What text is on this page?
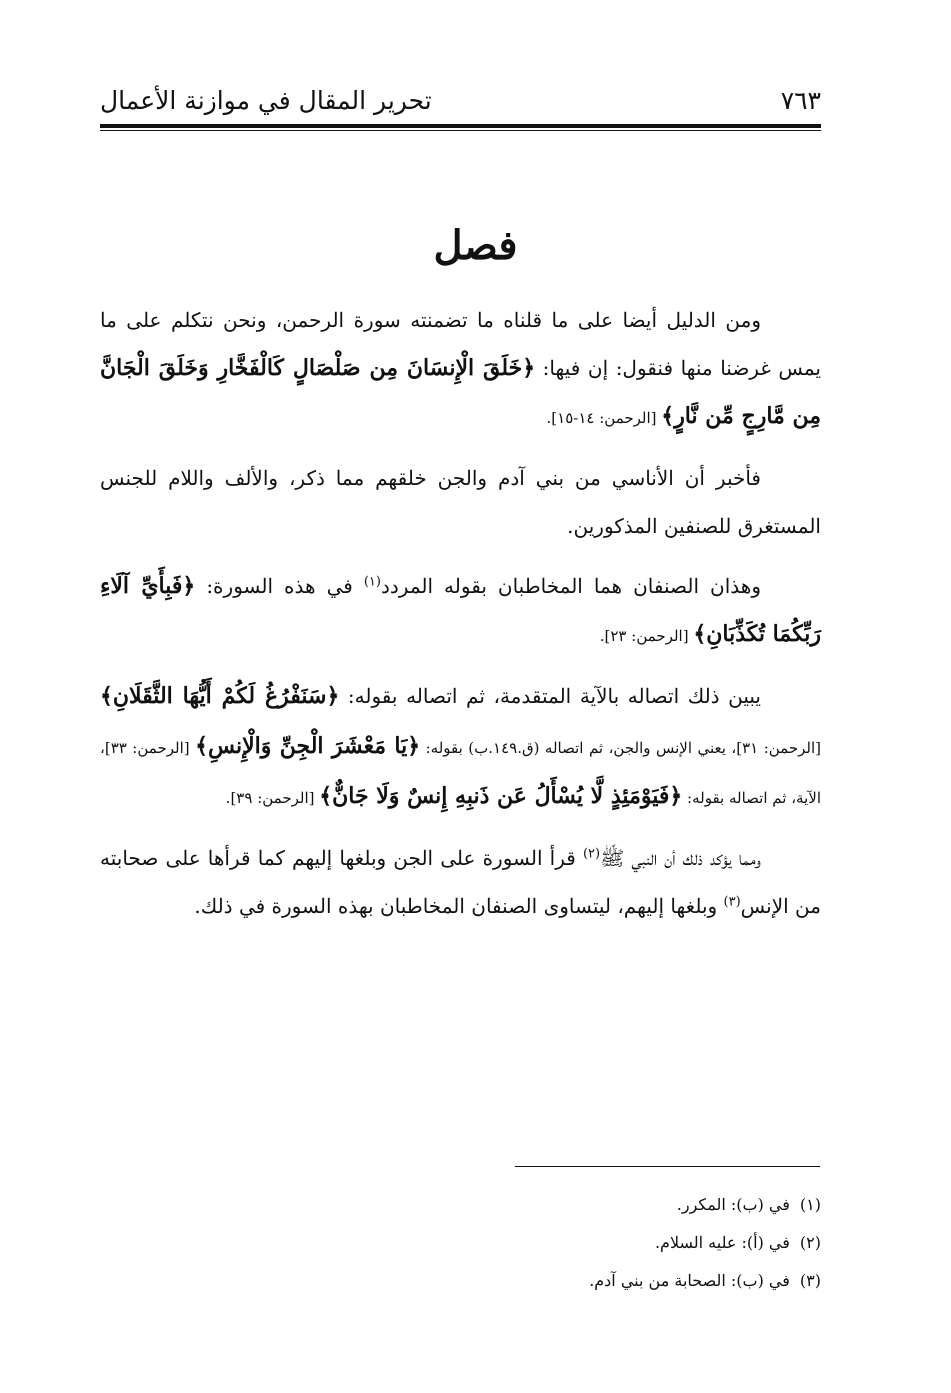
٧٦٣
تحرير المقال في موازنة الأعمال
فصل

ومن الدليل أيضا على ما قلناه ما تضمنته سورة الرحمن، ونحن نتكلم على ما يمس غرضنا منها فنقول: إن فيها: ﴿خَلَقَ الْإِنسَانَ مِن صَلْصَالٍ كَالْفَخَّارِ وَخَلَقَ الْجَانَّ مِن مَّارِجٍ مِّن نَّارٍ﴾ [الرحمن: ١٤-١٥].

فأخبر أن الأناسي من بني آدم والجن خلقهم مما ذكر، والألف واللام للجنس المستغرق للصنفين المذكورين.

وهذان الصنفان هما المخاطبان بقوله المردد$^{(١)}$ في هذه السورة: ﴿فَبِأَيِّ آلَاءِ رَبِّكُمَا تُكَذِّبَانِ﴾ [الرحمن: ٢٣].

يبين ذلك اتصاله بالآية المتقدمة، ثم اتصاله بقوله: ﴿سَنَفْرُغُ لَكُمْ أَيُّهَا الثَّقَلَانِ﴾ [الرحمن: ٣١]، يعني الإنس والجن، ثم اتصاله (ق.١٤٩.ب) بقوله: ﴿يَا مَعْشَرَ الْجِنِّ وَالْإِنسِ﴾ [الرحمن: ٣٣]، الآية، ثم اتصاله بقوله: ﴿فَيَوْمَئِذٍ لَّا يُسْأَلُ عَن ذَنبِهِ إِنسٌ وَلَا جَانٌّ﴾ [الرحمن: ٣٩].

ومما يؤكد ذلك أن النبي ﷺ$^{(٢)}$ قرأ السورة على الجن وبلغها إليهم كما قرأها على صحابته من الإنس$^{(٣)}$ وبلغها إليهم، ليتساوى الصنفان المخاطبان بهذه السورة في ذلك.

(١)في (ب): المكرر.
(٢)في (أ): عليه السلام.
(٣)في (ب): الصحابة من بني آدم.
